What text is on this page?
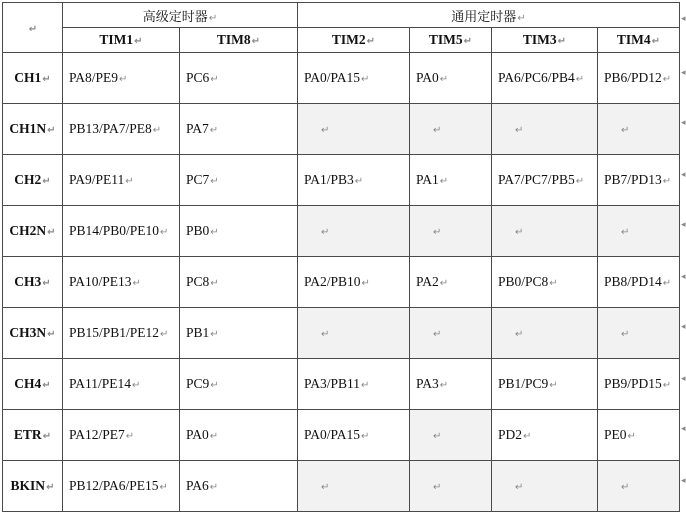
↵	高级定时器↵		通用定时器↵			
	TIM1↵	TIM8↵	TIM2↵	TIM5↵	TIM3↵	TIM4↵
CH1↵	PA8/PE9↵	PC6↵	PA0/PA15↵	PA0↵	PA6/PC6/PB4↵	PB6/PD12↵
CH1N↵	PB13/PA7/PE8↵	PA7↵	↵	↵	↵	↵
CH2↵	PA9/PE11↵	PC7↵	PA1/PB3↵	PA1↵	PA7/PC7/PB5↵	PB7/PD13↵
CH2N↵	PB14/PB0/PE10↵	PB0↵	↵	↵	↵	↵
CH3↵	PA10/PE13↵	PC8↵	PA2/PB10↵	PA2↵	PB0/PC8↵	PB8/PD14↵
CH3N↵	PB15/PB1/PE12↵	PB1↵	↵	↵	↵	↵
CH4↵	PA11/PE14↵	PC9↵	PA3/PB11↵	PA3↵	PB1/PC9↵	PB9/PD15↵
ETR↵	PA12/PE7↵	PA0↵	PA0/PA15↵	↵	PD2↵	PE0↵
BKIN↵	PB12/PA6/PE15↵	PA6↵	↵	↵	↵	↵
◂
◂
◂
◂
◂
◂
◂
◂
◂
◂
